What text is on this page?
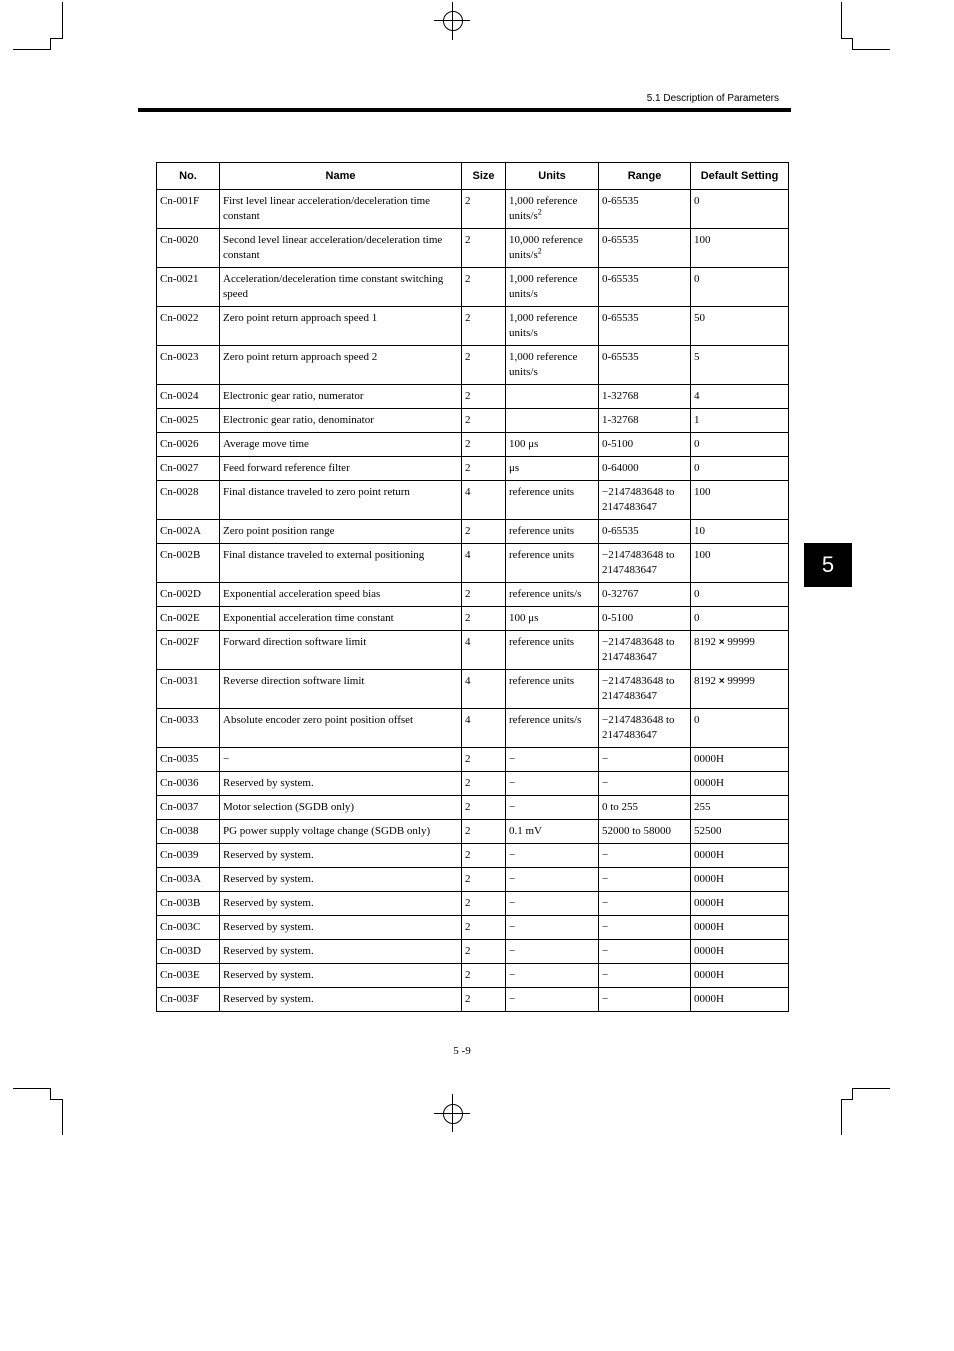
5.1 Description of Parameters
5
No.	Name	Size	Units	Range	Default Setting
Cn-001F	First level linear acceleration/deceleration time constant	2	1,000 reference units/$s^2$	0-65535	0
Cn-0020	Second level linear acceleration/deceleration time constant	2	10,000 reference units/$s^2$	0-65535	100
Cn-0021	Acceleration/deceleration time constant switching speed	2	1,000 reference units/s	0-65535	0
Cn-0022	Zero point return approach speed 1	2	1,000 reference units/s	0-65535	50
Cn-0023	Zero point return approach speed 2	2	1,000 reference units/s	0-65535	5
Cn-0024	Electronic gear ratio, numerator	2		1-32768	4
Cn-0025	Electronic gear ratio, denominator	2		1-32768	1
Cn-0026	Average move time	2	100 μs	0-5100	0
Cn-0027	Feed forward reference filter	2	μs	0-64000	0
Cn-0028	Final distance traveled to zero point return	4	reference units	−2147483648 to 2147483647	100
Cn-002A	Zero point position range	2	reference units	0-65535	10
Cn-002B	Final distance traveled to external positioning	4	reference units	−2147483648 to 2147483647	100
Cn-002D	Exponential acceleration speed bias	2	reference units/s	0-32767	0
Cn-002E	Exponential acceleration time constant	2	100 μs	0-5100	0
Cn-002F	Forward direction software limit	4	reference units	−2147483648 to 2147483647	8192 × 99999
Cn-0031	Reverse direction software limit	4	reference units	−2147483648 to 2147483647	8192 × 99999
Cn-0033	Absolute encoder zero point position offset	4	reference units/s	−2147483648 to 2147483647	0
Cn-0035	−	2	−	−	0000H
Cn-0036	Reserved by system.	2	−	−	0000H
Cn-0037	Motor selection (SGDB only)	2	−	0 to 255	255
Cn-0038	PG power supply voltage change (SGDB only)	2	0.1 mV	52000 to 58000	52500
Cn-0039	Reserved by system.	2	−	−	0000H
Cn-003A	Reserved by system.	2	−	−	0000H
Cn-003B	Reserved by system.	2	−	−	0000H
Cn-003C	Reserved by system.	2	−	−	0000H
Cn-003D	Reserved by system.	2	−	−	0000H
Cn-003E	Reserved by system.	2	−	−	0000H
Cn-003F	Reserved by system.	2	−	−	0000H
5 -9
